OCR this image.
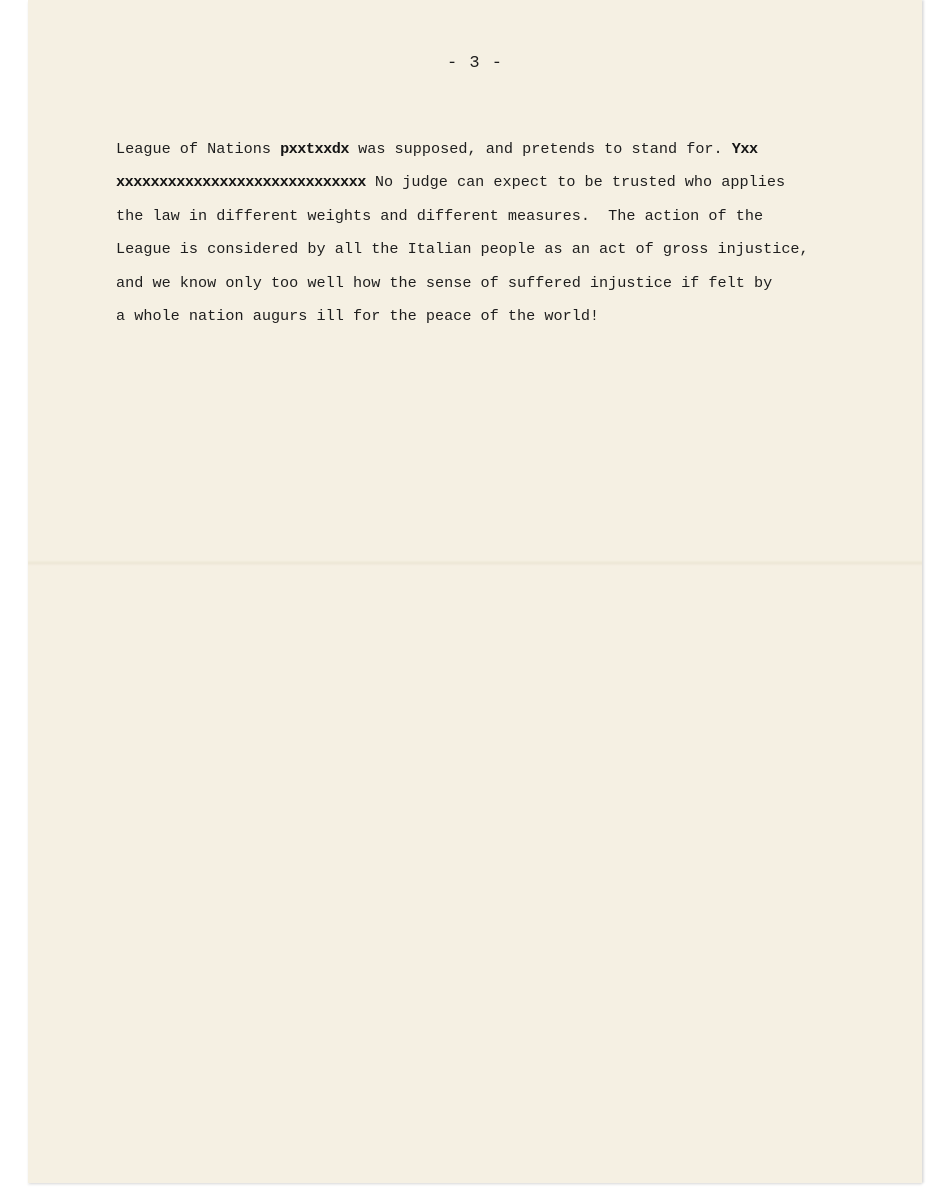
- 3 -
League of Nations pxxtxxdx was supposed, and pretends to stand for. Yxx
xxxxxxxxxxxxxxxxxxxxxxxxxxxxx No judge can expect to be trusted who applies
the law in different weights and different measures.  The action of the
League is considered by all the Italian people as an act of gross injustice,
and we know only too well how the sense of suffered injustice if felt by
a whole nation augurs ill for the peace of the world!
